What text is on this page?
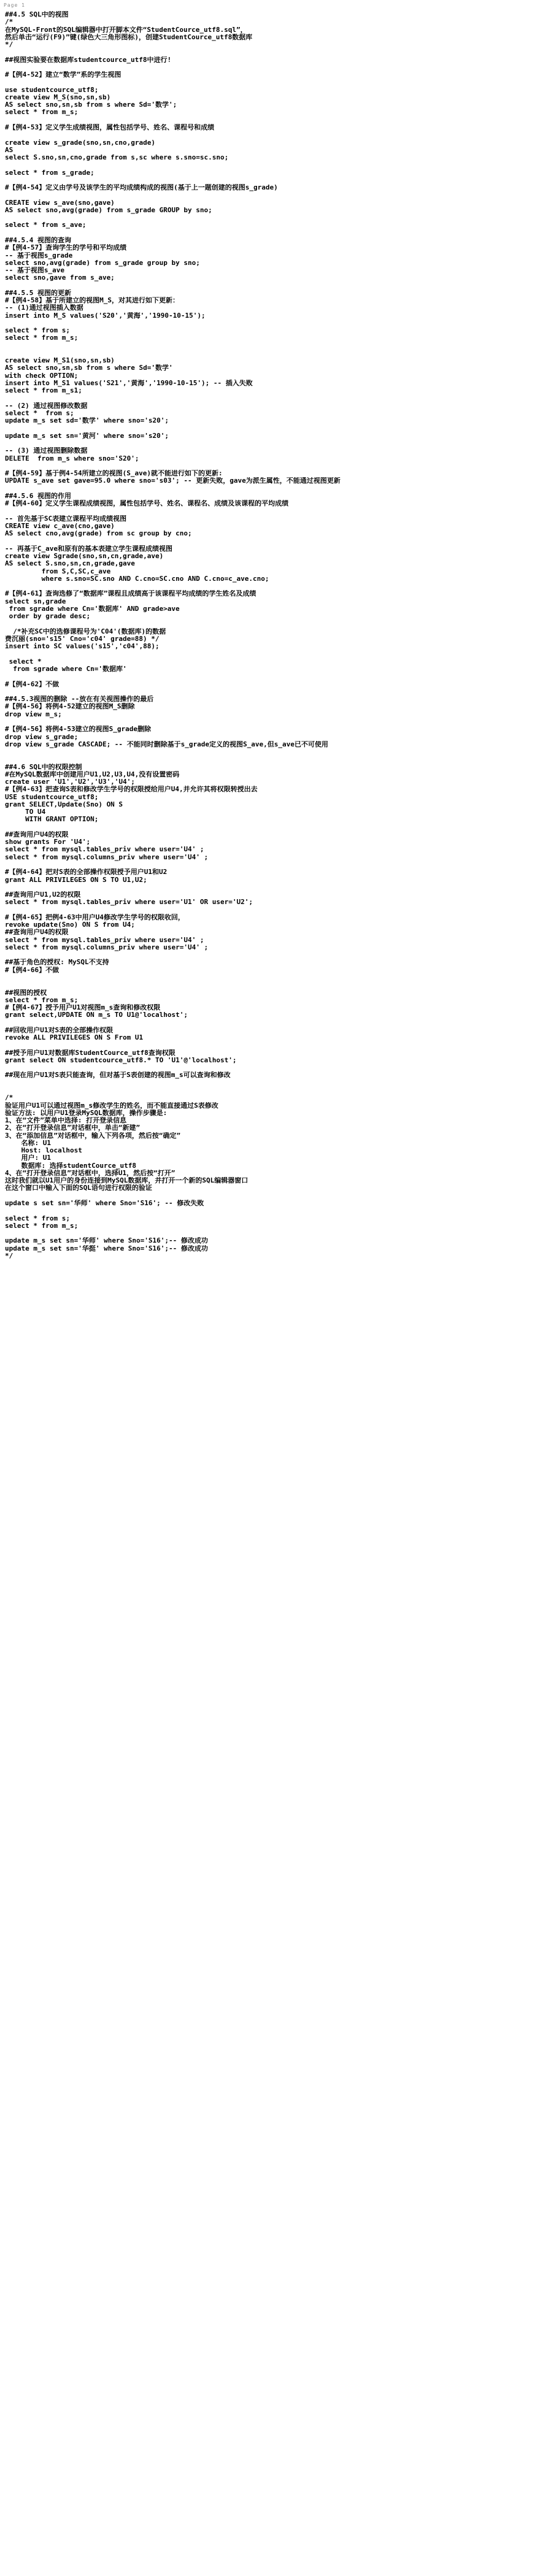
Page 1
##4.5 SQL中的视图
/*
在MySQL-Front的SQL编辑器中打开脚本文件“StudentCource_utf8.sql”，
然后单击“运行(F9)”键(绿色大三角形图标)，创建StudentCource_utf8数据库
*/
##视图实验要在数据库studentcource_utf8中进行!
#【例4-52】建立“数学”系的学生视图
use studentcource_utf8;
create view M_S(sno,sn,sb)
AS select sno,sn,sb from s where Sd='数学';
select * from m_s;
#【例4-53】定义学生成绩视图，属性包括学号、姓名、课程号和成绩
create view s_grade(sno,sn,cno,grade)
AS
select S.sno,sn,cno,grade from s,sc where s.sno=sc.sno;
select * from s_grade;
#【例4-54】定义由学号及该学生的平均成绩构成的视图(基于上一题创建的视图s_grade)
CREATE view s_ave(sno,gave)
AS select sno,avg(grade) from s_grade GROUP by sno;
select * from s_ave;
##4.5.4 视图的查询
#【例4-57】查询学生的学号和平均成绩
-- 基于视图s_grade
select sno,avg(grade) from s_grade group by sno;
-- 基于视图s_ave
select sno,gave from s_ave;
##4.5.5 视图的更新
#【例4-58】基于所建立的视图M_S，对其进行如下更新：
-- (1)通过视图插入数据
insert into M_S values('S20','黄海','1990-10-15');
select * from s;
select * from m_s;
create view M_S1(sno,sn,sb)
AS select sno,sn,sb from s where Sd='数学'
with check OPTION;
insert into M_S1 values('S21','黄海','1990-10-15'); -- 插入失败
select * from m_s1;
-- (2) 通过视图修改数据
select *  from s;
update m_s set sd='数学' where sno='s20';
update m_s set sn='黄河' where sno='s20';
-- (3) 通过视图删除数据
DELETE  from m_s where sno='S20';
#【例4-59】基于例4-54所建立的视图(S_ave)就不能进行如下的更新:
UPDATE s_ave set gave=95.0 where sno='s03'; -- 更新失败，gave为派生属性，不能通过视图更新
##4.5.6 视图的作用
#【例4-60】定义学生课程成绩视图，属性包括学号、姓名、课程名、成绩及该课程的平均成绩
-- 首先基于SC表建立课程平均成绩视图
CREATE view c_ave(cno,gave)
AS select cno,avg(grade) from sc group by cno;
-- 再基于C_ave和原有的基本表建立学生课程成绩视图
create view Sgrade(sno,sn,cn,grade,ave)
AS select S.sno,sn,cn,grade,gave
from S,C,SC,c_ave
where s.sno=SC.sno AND C.cno=SC.cno AND C.cno=c_ave.cno;
#【例4-61】查询选修了“数据库”课程且成绩高于该课程平均成绩的学生姓名及成绩
select sn,grade
from sgrade where Cn='数据库' AND grade>ave
order by grade desc;
/*补充SC中的选修课程号为'C04'(数据库)的数据
费沉丽(sno='s15' Cno='c04' grade=88) */
insert into SC values('s15','c04',88);
select *
from sgrade where Cn='数据库'
#【例4-62】不做
##4.5.3视图的删除 --放在有关视图操作的最后
#【例4-56】将例4-52建立的视图M_S删除
drop view m_s;
#【例4-56】将例4-53建立的视图S_grade删除
drop view s_grade;
drop view s_grade CASCADE; -- 不能同时删除基于s_grade定义的视图S_ave,但s_ave已不可使用
##4.6 SQL中的权限控制
#在MySQL数据库中创建用户U1,U2,U3,U4,没有设置密码
create user 'U1','U2','U3','U4';
#【例4-63】把查询S表和修改学生学号的权限授给用户U4,并允许其将权限转授出去
USE studentcource_utf8;
grant SELECT,Update(Sno) ON S
TO U4
WITH GRANT OPTION;
##查询用户U4的权限
show grants For 'U4';
select * from mysql.tables_priv where user='U4' ;
select * from mysql.columns_priv where user='U4' ;
#【例4-64】把对S表的全部操作权限授予用户U1和U2
grant ALL PRIVILEGES ON S TO U1,U2;
##查询用户U1,U2的权限
select * from mysql.tables_priv where user='U1' OR user='U2';
#【例4-65】把例4-63中用户U4修改学生学号的权限收回，
revoke update(Sno) ON S from U4;
##查询用户U4的权限
select * from mysql.tables_priv where user='U4' ;
select * from mysql.columns_priv where user='U4' ;
##基于角色的授权: MySQL不支持
#【例4-66】不做
##视图的授权
select * from m_s;
#【例4-67】授予用户U1对视图m_s查询和修改权限
grant select,UPDATE ON m_s TO U1@'localhost';
##回收用户U1对S表的全部操作权限
revoke ALL PRIVILEGES ON S From U1
##授予用户U1对数据库StudentCource_utf8查询权限
grant select ON studentcource_utf8.* TO 'U1'@'localhost';
##现在用户U1对S表只能查询，但对基于S表创建的视图m_s可以查询和修改
/*
验证用户U1可以通过视图m_s修改学生的姓名，而不能直接通过S表修改
验证方法: 以用户U1登录MySQL数据库，操作步骤是:
1、在“文件”菜单中选择: 打开登录信息
2、在“打开登录信息”对话框中，单击“新建”
3、在“添加信息”对话框中，输入下列各项，然后按“确定”
名称: U1
Host: localhost
用户: U1
数据库: 选择studentCource_utf8
4、在“打开登录信息”对话框中，选择U1，然后按“打开”
这时我们就以U1用户的身份连接到MySQL数据库，并打开一个新的SQL编辑器窗口
在这个窗口中输入下面的SQL语句进行权限的验证
update s set sn='华师' where Sno='S16'; -- 修改失败
select * from s;
select * from m_s;
update m_s set sn='华师' where Sno='S16';-- 修改成功
update m_s set sn='华挺' where Sno='S16';-- 修改成功
*/
